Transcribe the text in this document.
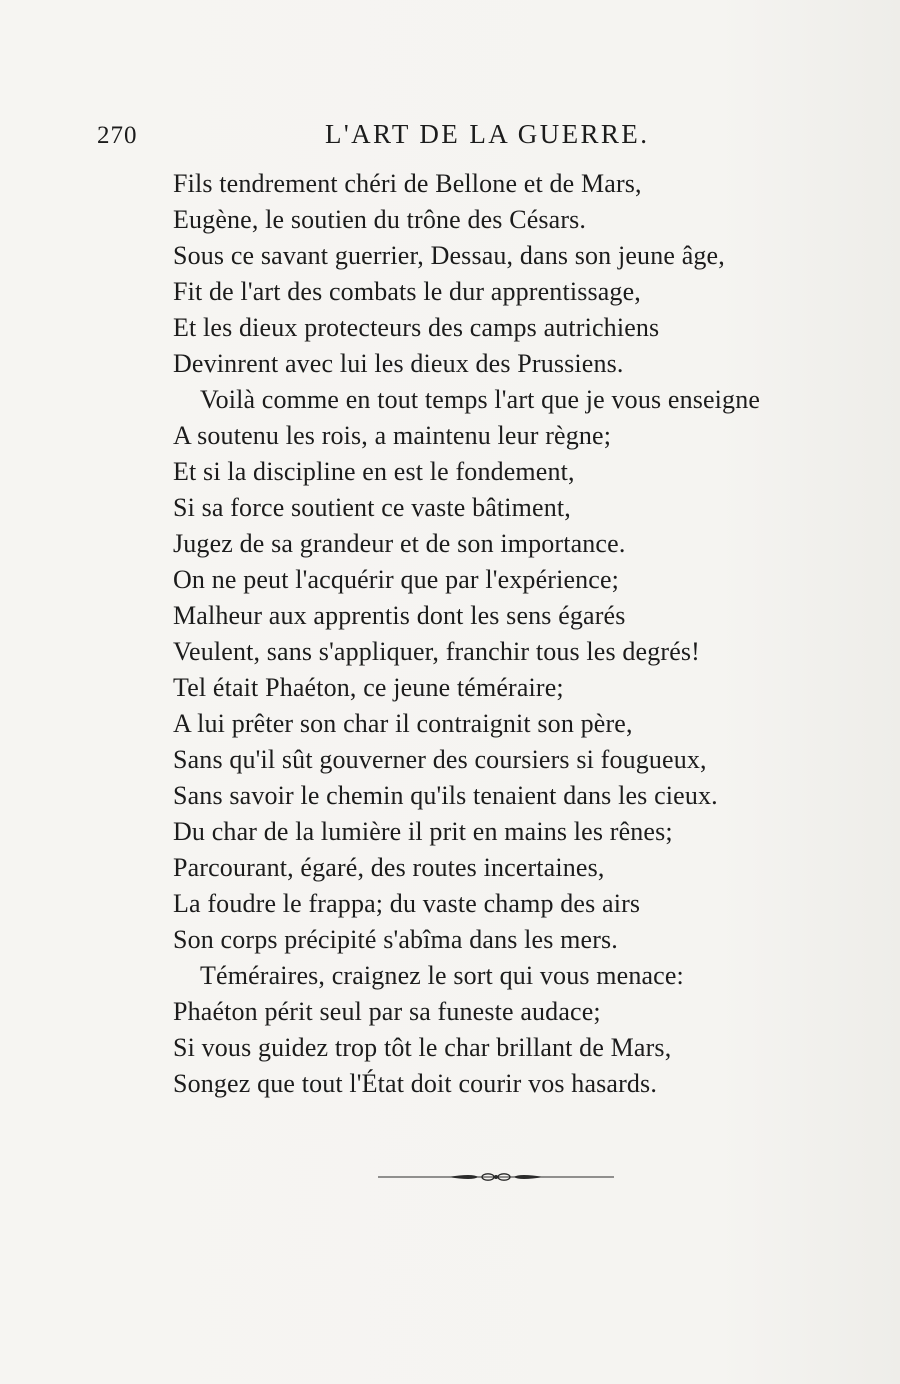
270	L'ART DE LA GUERRE.
Fils tendrement chéri de Bellone et de Mars,
Eugène, le soutien du trône des Césars.
Sous ce savant guerrier, Dessau, dans son jeune âge,
Fit de l'art des combats le dur apprentissage,
Et les dieux protecteurs des camps autrichiens
Devinrent avec lui les dieux des Prussiens.
Voilà comme en tout temps l'art que je vous enseigne
A soutenu les rois, a maintenu leur règne;
Et si la discipline en est le fondement,
Si sa force soutient ce vaste bâtiment,
Jugez de sa grandeur et de son importance.
On ne peut l'acquérir que par l'expérience;
Malheur aux apprentis dont les sens égarés
Veulent, sans s'appliquer, franchir tous les degrés!
Tel était Phaéton, ce jeune téméraire;
A lui prêter son char il contraignit son père,
Sans qu'il sût gouverner des coursiers si fougueux,
Sans savoir le chemin qu'ils tenaient dans les cieux.
Du char de la lumière il prit en mains les rênes;
Parcourant, égaré, des routes incertaines,
La foudre le frappa; du vaste champ des airs
Son corps précipité s'abîma dans les mers.
Téméraires, craignez le sort qui vous menace:
Phaéton périt seul par sa funeste audace;
Si vous guidez trop tôt le char brillant de Mars,
Songez que tout l'État doit courir vos hasards.
